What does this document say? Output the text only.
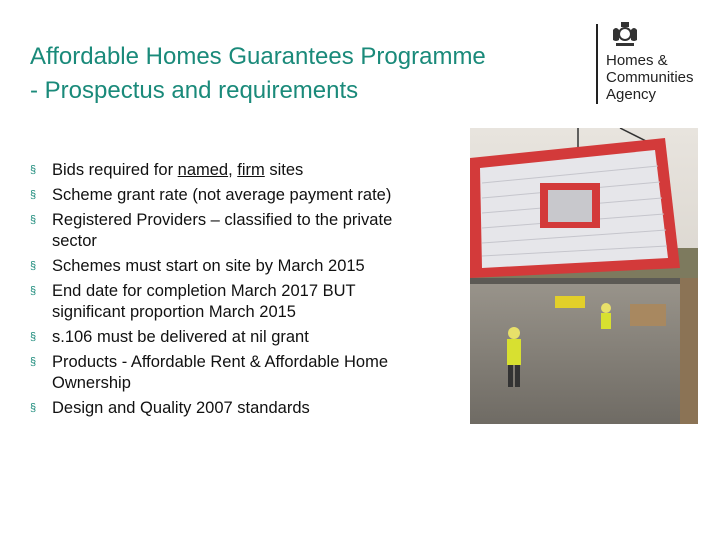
Affordable Homes Guarantees Programme
- Prospectus and requirements
Homes &
Communities
Agency
§ Bids required for named, firm sites
§ Scheme grant rate (not average payment rate)
§ Registered Providers – classified to the private
sector
§ Schemes must start on site by March 2015
§ End date for completion March 2017 BUT
significant proportion March 2015
§ s.106 must be delivered at nil grant
§ Products - Affordable Rent & Affordable Home
Ownership
§ Design and Quality 2007 standards
